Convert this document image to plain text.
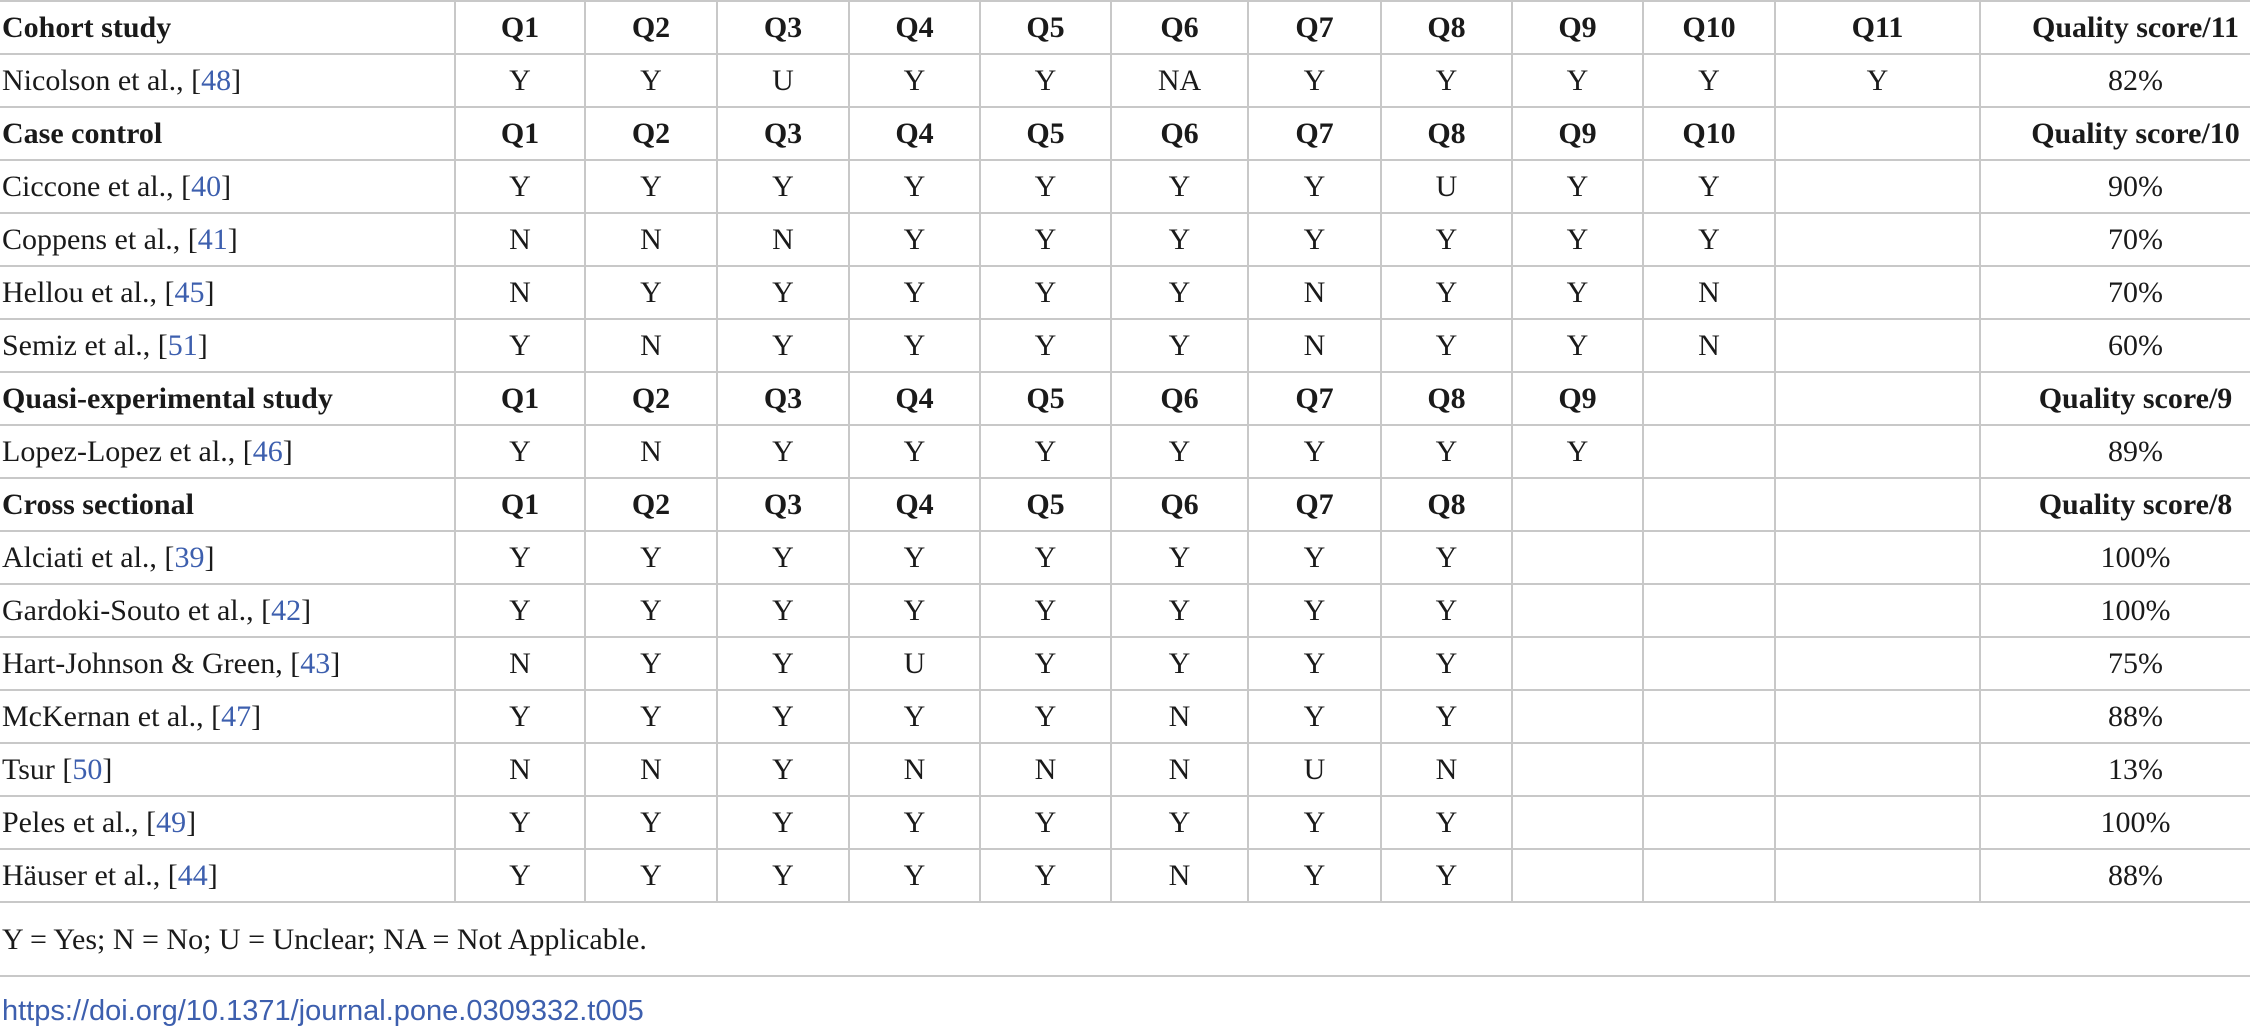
Cohort study	Q1	Q2	Q3	Q4	Q5	Q6	Q7	Q8	Q9	Q10	Q11	Quality score/11
Nicolson et al., [48]	Y	Y	U	Y	Y	NA	Y	Y	Y	Y	Y	82%
Case control	Q1	Q2	Q3	Q4	Q5	Q6	Q7	Q8	Q9	Q10		Quality score/10
Ciccone et al., [40]	Y	Y	Y	Y	Y	Y	Y	U	Y	Y		90%
Coppens et al., [41]	N	N	N	Y	Y	Y	Y	Y	Y	Y		70%
Hellou et al., [45]	N	Y	Y	Y	Y	Y	N	Y	Y	N		70%
Semiz et al., [51]	Y	N	Y	Y	Y	Y	N	Y	Y	N		60%
Quasi-experimental study	Q1	Q2	Q3	Q4	Q5	Q6	Q7	Q8	Q9			Quality score/9
Lopez-Lopez et al., [46]	Y	N	Y	Y	Y	Y	Y	Y	Y			89%
Cross sectional	Q1	Q2	Q3	Q4	Q5	Q6	Q7	Q8				Quality score/8
Alciati et al., [39]	Y	Y	Y	Y	Y	Y	Y	Y				100%
Gardoki-Souto et al., [42]	Y	Y	Y	Y	Y	Y	Y	Y				100%
Hart-Johnson & Green, [43]	N	Y	Y	U	Y	Y	Y	Y				75%
McKernan et al., [47]	Y	Y	Y	Y	Y	N	Y	Y				88%
Tsur [50]	N	N	Y	N	N	N	U	N				13%
Peles et al., [49]	Y	Y	Y	Y	Y	Y	Y	Y				100%
Häuser et al., [44]	Y	Y	Y	Y	Y	N	Y	Y				88%
Y = Yes; N = No; U = Unclear; NA = Not Applicable.
https://doi.org/10.1371/journal.pone.0309332.t005
